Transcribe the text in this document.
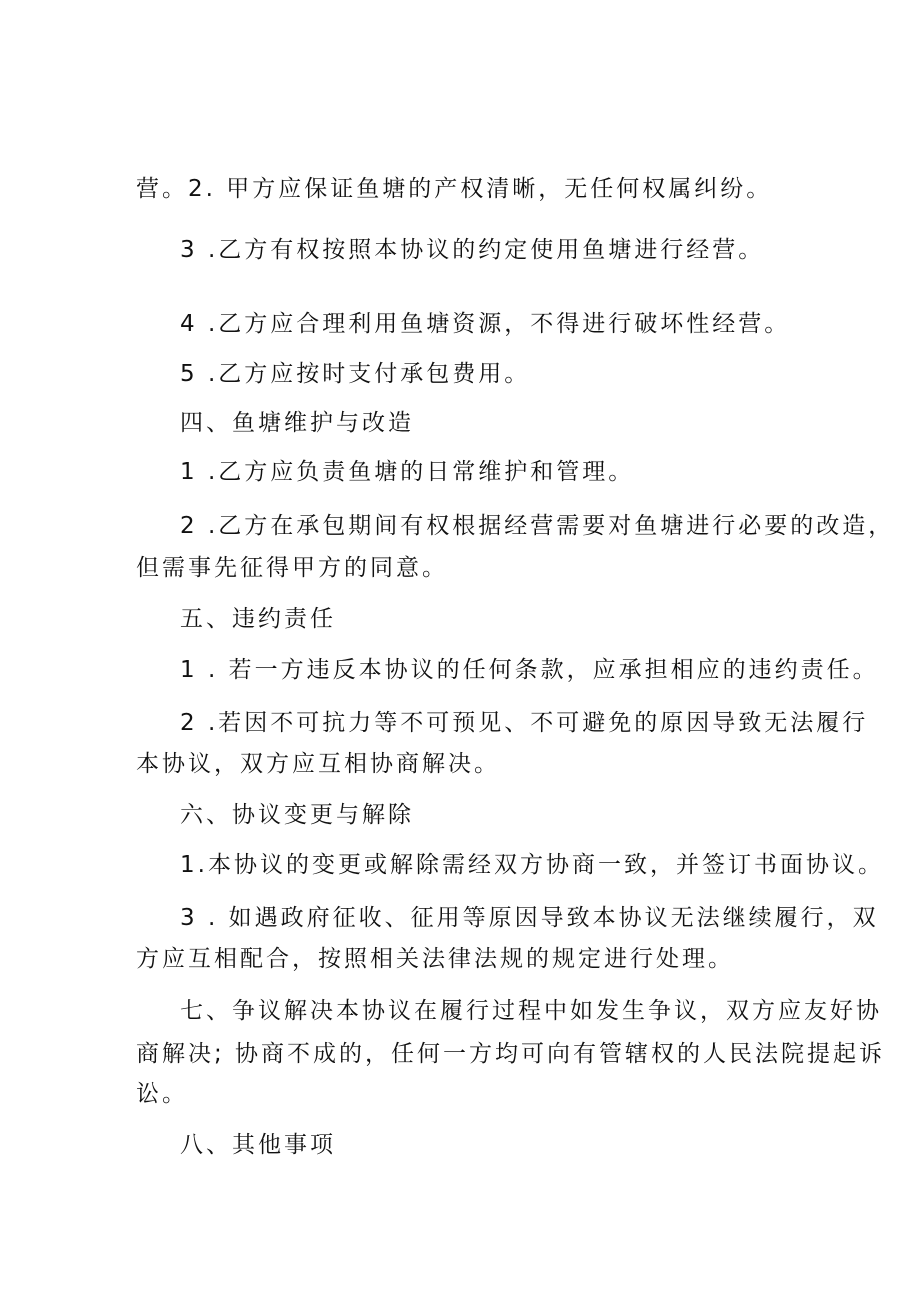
营。2. 甲方应保证鱼塘的产权清晰，无任何权属纠纷。
3 .乙方有权按照本协议的约定使用鱼塘进行经营。
4 .乙方应合理利用鱼塘资源，不得进行破坏性经营。
5 .乙方应按时支付承包费用。
四、鱼塘维护与改造
1 .乙方应负责鱼塘的日常维护和管理。
2 .乙方在承包期间有权根据经营需要对鱼塘进行必要的改造，
但需事先征得甲方的同意。
五、违约责任
1 . 若一方违反本协议的任何条款，应承担相应的违约责任。
2 .若因不可抗力等不可预见、不可避免的原因导致无法履行
本协议，双方应互相协商解决。
六、协议变更与解除
1.本协议的变更或解除需经双方协商一致，并签订书面协议。
3 . 如遇政府征收、征用等原因导致本协议无法继续履行，双
方应互相配合，按照相关法律法规的规定进行处理。
七、争议解决本协议在履行过程中如发生争议，双方应友好协
商解决; 协商不成的，任何一方均可向有管辖权的人民法院提起诉
讼。
八、其他事项
